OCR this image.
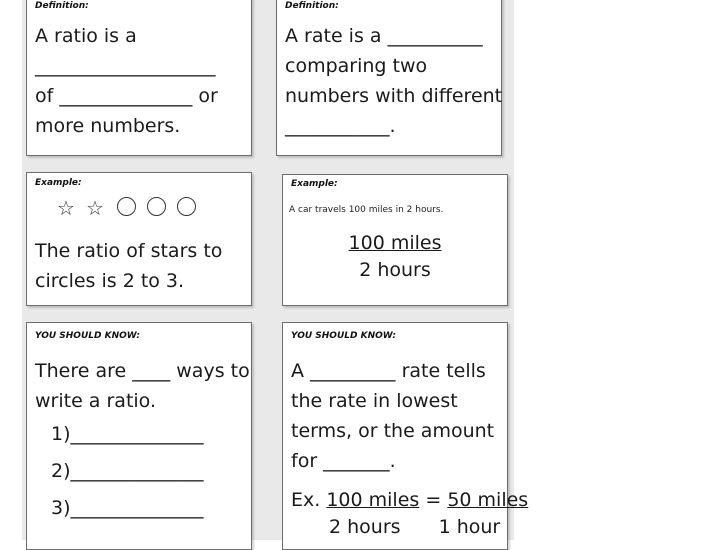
Definition:
A ratio is a
___________________
of ______________ or
more numbers.
Definition:
A rate is a __________
comparing two
numbers with different
___________.
Example:
☆ ☆
The ratio of stars to
circles is 2 to 3.
Example:
A car travels 100 miles in 2 hours.
100 miles
2 hours
YOU SHOULD KNOW:
There are ____ ways to
write a ratio.
1)______________
2)______________
3)______________
YOU SHOULD KNOW:
A _________ rate tells
the rate in lowest
terms, or the amount
for _______.
Ex. 100 miles = 50 miles
2 hours 1 hour
